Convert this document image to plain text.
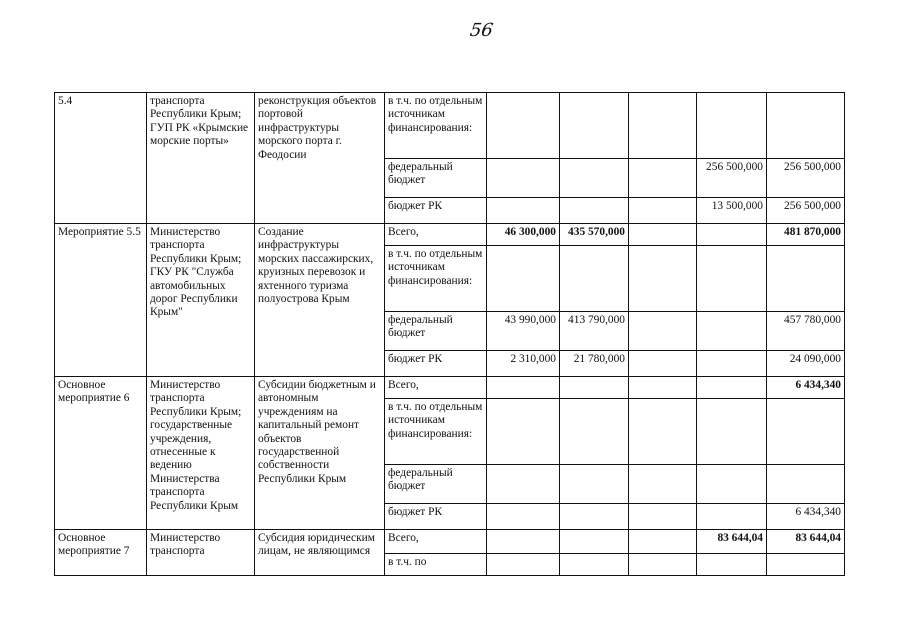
56
5.4	транспорта Республики Крым; ГУП РК «Крымские морские порты»	реконструкция объектов портовой инфраструктуры морского порта г. Феодосии	в т.ч. по отдельным источникам финансирования:					
			федеральный бюджет				256 500,000	256 500,000
			бюджет РК				13 500,000	256 500,000
Мероприятие 5.5	Министерство транспорта Республики Крым; ГКУ РК "Служба автомобильных дорог Республики Крым"	Создание инфраструктуры морских пассажирских, круизных перевозок и яхтенного туризма полуострова Крым	Всего,	46 300,000	435 570,000			481 870,000
			в т.ч. по отдельным источникам финансирования:					
			федеральный бюджет	43 990,000	413 790,000			457 780,000
			бюджет РК	2 310,000	21 780,000			24 090,000
Основное мероприятие 6	Министерство транспорта Республики Крым; государственные учреждения, отнесенные к ведению Министерства транспорта Республики Крым	Субсидии бюджетным и автономным учреждениям на капитальный ремонт объектов государственной собственности Республики Крым	Всего,					6 434,340
			в т.ч. по отдельным источникам финансирования:					
			федеральный бюджет					
			бюджет РК					6 434,340
Основное мероприятие 7	Министерство транспорта	Субсидия юридическим лицам, не являющимся	Всего,				83 644,04	83 644,04
			в т.ч. по					
